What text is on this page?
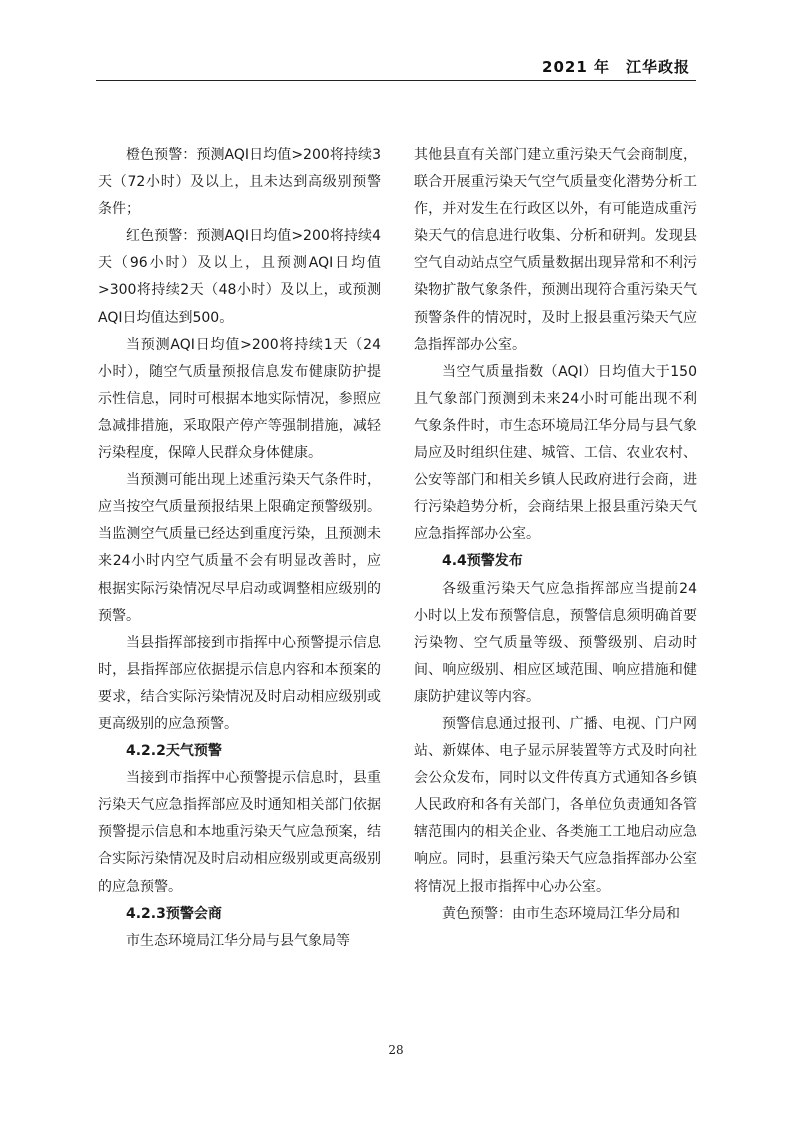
2021 年　江华政报

橙色预警：预测AQI日均值>200将持续3天（72小时）及以上，且未达到高级别预警条件；

红色预警：预测AQI日均值>200将持续4天（96小时）及以上，且预测AQI日均值>300将持续2天（48小时）及以上，或预测AQI日均值达到500。

当预测AQI日均值>200将持续1天（24小时），随空气质量预报信息发布健康防护提示性信息，同时可根据本地实际情况，参照应急减排措施，采取限产停产等强制措施，减轻污染程度，保障人民群众身体健康。

当预测可能出现上述重污染天气条件时，应当按空气质量预报结果上限确定预警级别。当监测空气质量已经达到重度污染，且预测未来24小时内空气质量不会有明显改善时，应根据实际污染情况尽早启动或调整相应级别的预警。

当县指挥部接到市指挥中心预警提示信息时，县指挥部应依据提示信息内容和本预案的要求，结合实际污染情况及时启动相应级别或更高级别的应急预警。

4.2.2天气预警

当接到市指挥中心预警提示信息时，县重污染天气应急指挥部应及时通知相关部门依据预警提示信息和本地重污染天气应急预案，结合实际污染情况及时启动相应级别或更高级别的应急预警。

4.2.3预警会商

市生态环境局江华分局与县气象局等

其他县直有关部门建立重污染天气会商制度，联合开展重污染天气空气质量变化潜势分析工作，并对发生在行政区以外，有可能造成重污染天气的信息进行收集、分析和研判。发现县空气自动站点空气质量数据出现异常和不利污染物扩散气象条件，预测出现符合重污染天气预警条件的情况时，及时上报县重污染天气应急指挥部办公室。

当空气质量指数（AQI）日均值大于150且气象部门预测到未来24小时可能出现不利气象条件时，市生态环境局江华分局与县气象局应及时组织住建、城管、工信、农业农村、公安等部门和相关乡镇人民政府进行会商，进行污染趋势分析，会商结果上报县重污染天气应急指挥部办公室。

4.4预警发布

各级重污染天气应急指挥部应当提前24小时以上发布预警信息，预警信息须明确首要污染物、空气质量等级、预警级别、启动时间、响应级别、相应区域范围、响应措施和健康防护建议等内容。

预警信息通过报刊、广播、电视、门户网站、新媒体、电子显示屏装置等方式及时向社会公众发布，同时以文件传真方式通知各乡镇人民政府和各有关部门，各单位负责通知各管辖范围内的相关企业、各类施工工地启动应急响应。同时，县重污染天气应急指挥部办公室将情况上报市指挥中心办公室。

黄色预警：由市生态环境局江华分局和

28
